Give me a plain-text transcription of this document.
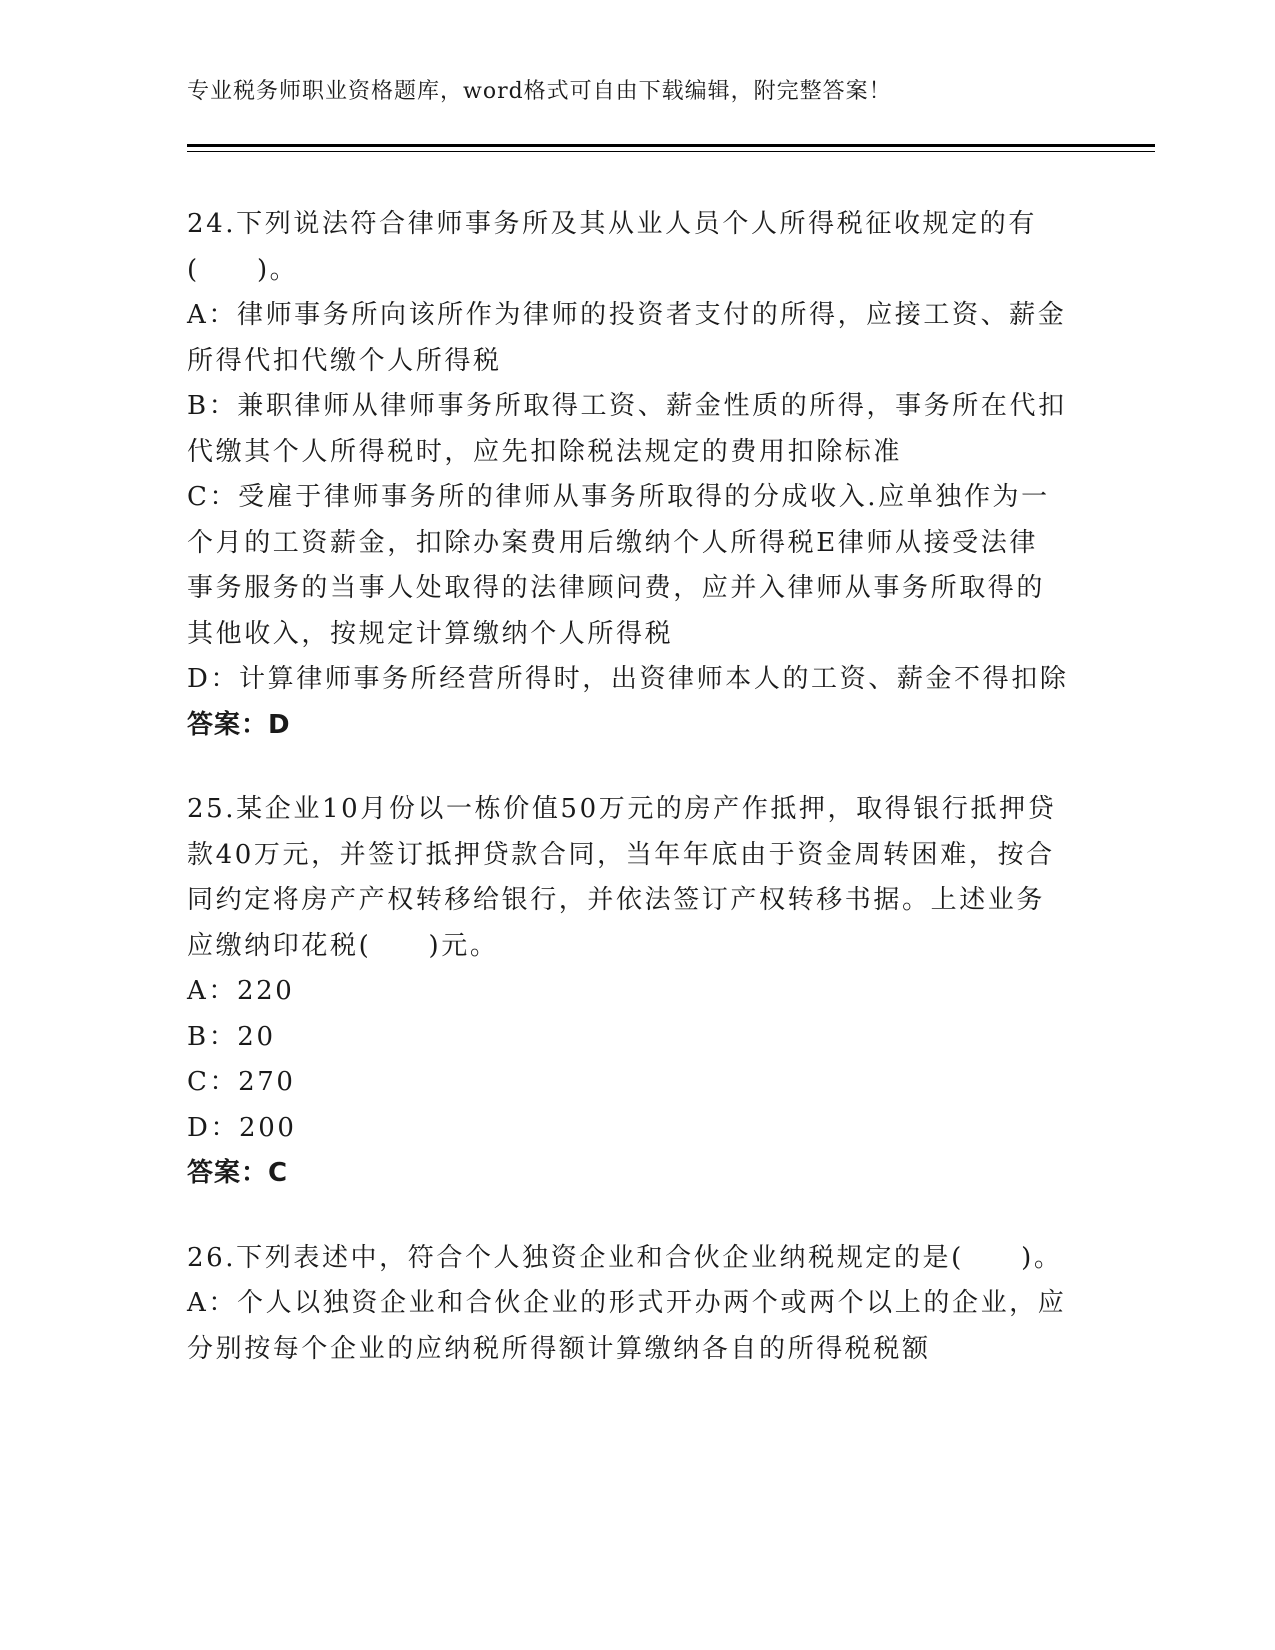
专业税务师职业资格题库，word格式可自由下载编辑，附完整答案！
24.下列说法符合律师事务所及其从业人员个人所得税征收规定的有
(　　)。
A：律师事务所向该所作为律师的投资者支付的所得，应接工资、薪金
所得代扣代缴个人所得税
B：兼职律师从律师事务所取得工资、薪金性质的所得，事务所在代扣
代缴其个人所得税时，应先扣除税法规定的费用扣除标准
C：受雇于律师事务所的律师从事务所取得的分成收入.应单独作为一
个月的工资薪金，扣除办案费用后缴纳个人所得税E律师从接受法律
事务服务的当事人处取得的法律顾问费，应并入律师从事务所取得的
其他收入，按规定计算缴纳个人所得税
D：计算律师事务所经营所得时，出资律师本人的工资、薪金不得扣除
答案：D
25.某企业10月份以一栋价值50万元的房产作抵押，取得银行抵押贷
款40万元，并签订抵押贷款合同，当年年底由于资金周转困难，按合
同约定将房产产权转移给银行，并依法签订产权转移书据。上述业务
应缴纳印花税(　　)元。
A：220
B：20
C：270
D：200
答案：C
26.下列表述中，符合个人独资企业和合伙企业纳税规定的是(　　)。
A：个人以独资企业和合伙企业的形式开办两个或两个以上的企业，应
分别按每个企业的应纳税所得额计算缴纳各自的所得税税额
